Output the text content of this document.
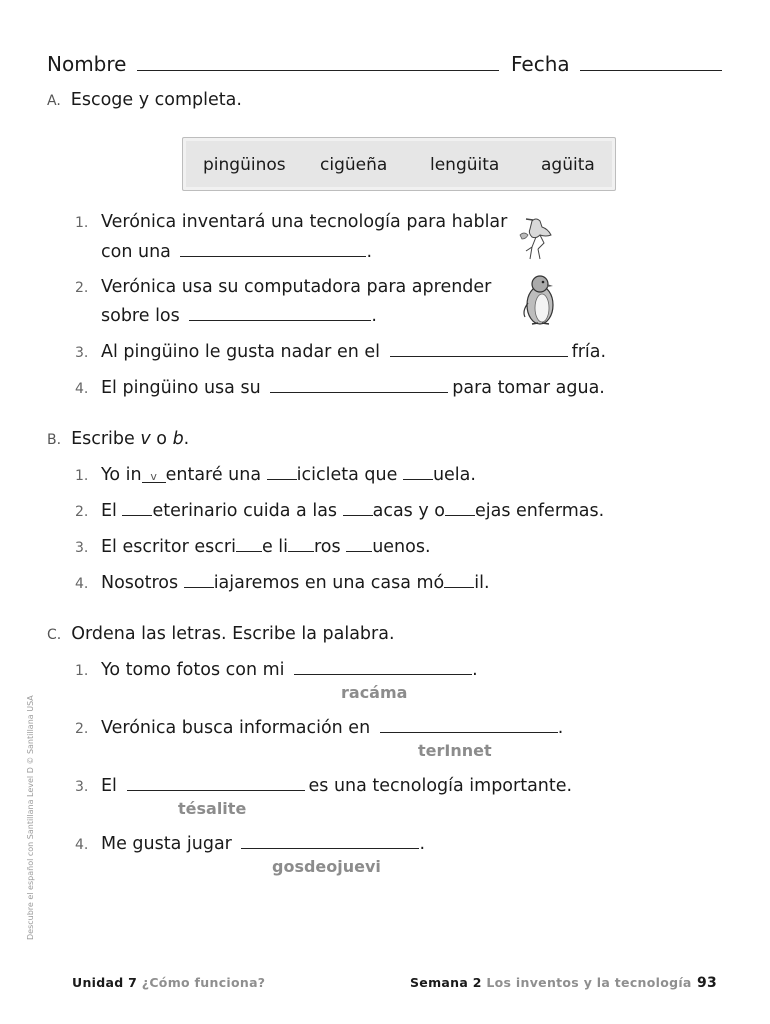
Nombre	Fecha
A. Escoge y completa.
pingüinos cigüeña	lengüita agüita
1. Verónica inventará una tecnología para hablar
con una	.
2. Verónica usa su computadora para aprender
sobre los	.
3. Al pingüino le gusta nadar en el	fría.
4. El pingüino usa su	para tomar agua.
B. Escribe v o b.
1. Yo in v entaré una icicleta que uela.
2. El eterinario cuida a las acas y o ejas enfermas.
3. El escritor escri e li ros uenos.
4. Nosotros iajaremos en una casa mó il.
C. Ordena las letras. Escribe la palabra.
1. Yo tomo fotos con mi	.
racáma
2. Verónica busca información en	.
terInnet
3. El	es una tecnología importante.
tésalite
4. Me gusta jugar	.
gosdeojuevi
Descubre el español con Santillana Level D © Santillana USA
Unidad 7 ¿Cómo funciona?	Semana 2 Los inventos y la tecnología 93
